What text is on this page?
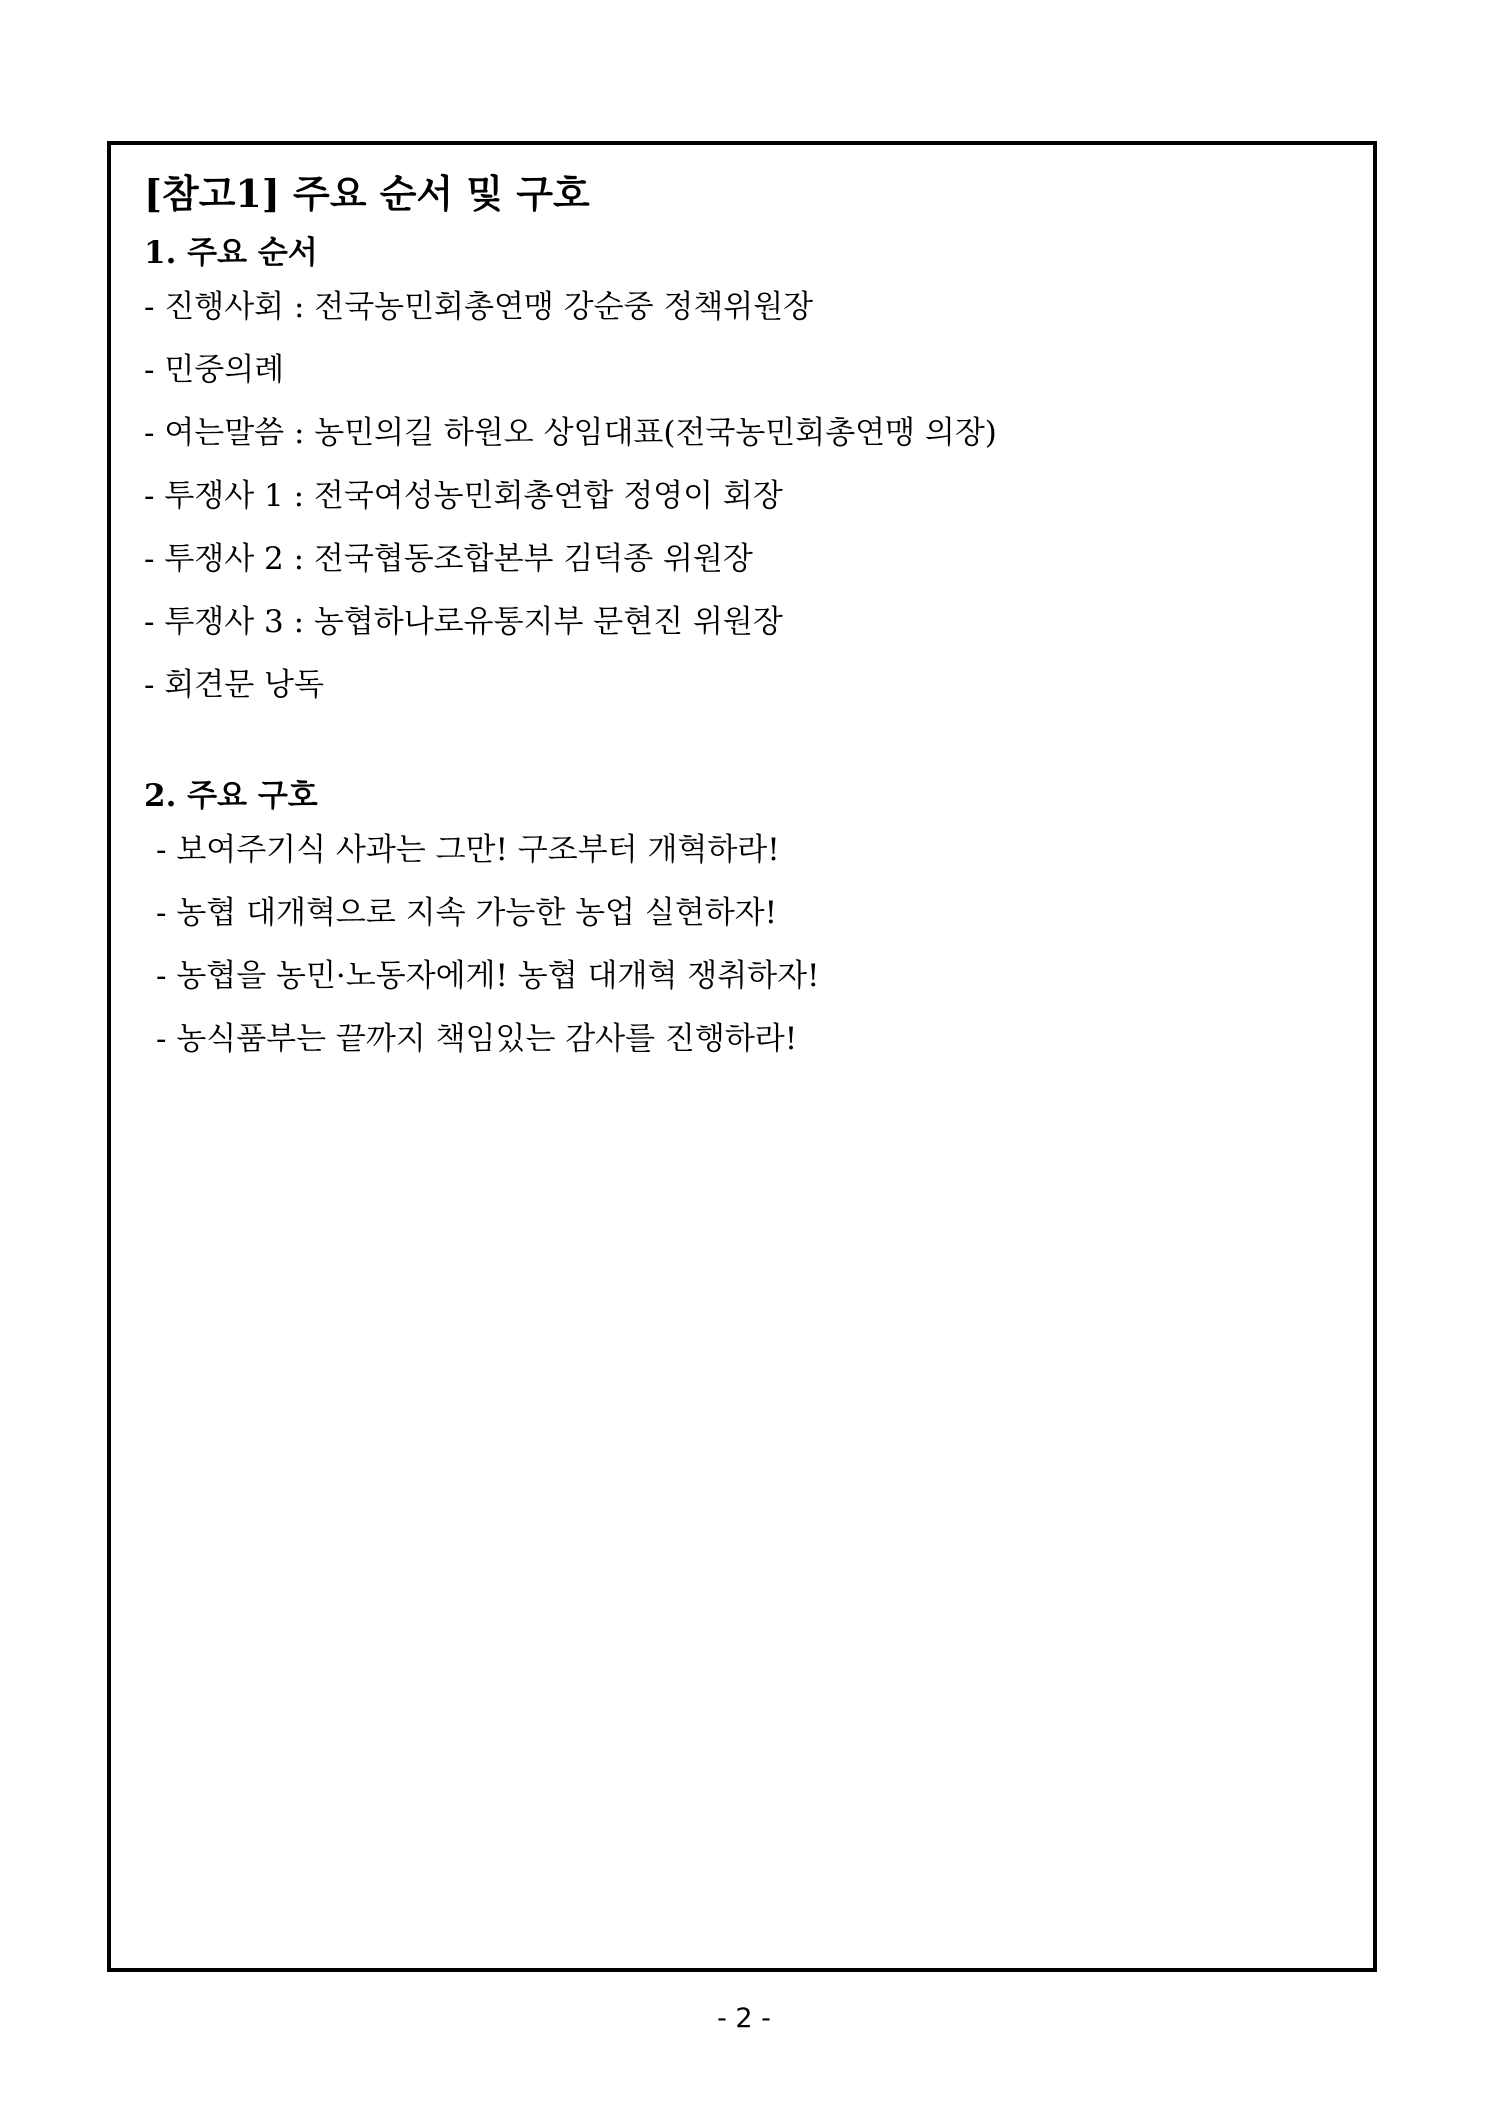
[참고1] 주요 순서 및 구호
1. 주요 순서
- 진행사회 : 전국농민회총연맹 강순중 정책위원장
- 민중의례
- 여는말씀 : 농민의길 하원오 상임대표(전국농민회총연맹 의장)
- 투쟁사 1 : 전국여성농민회총연합 정영이 회장
- 투쟁사 2 : 전국협동조합본부 김덕종 위원장
- 투쟁사 3 : 농협하나로유통지부 문현진 위원장
- 회견문 낭독
2. 주요 구호
- 보여주기식 사과는 그만! 구조부터 개혁하라!
- 농협 대개혁으로 지속 가능한 농업 실현하자!
- 농협을 농민·노동자에게! 농협 대개혁 쟁취하자!
- 농식품부는 끝까지 책임있는 감사를 진행하라!
- 2 -
